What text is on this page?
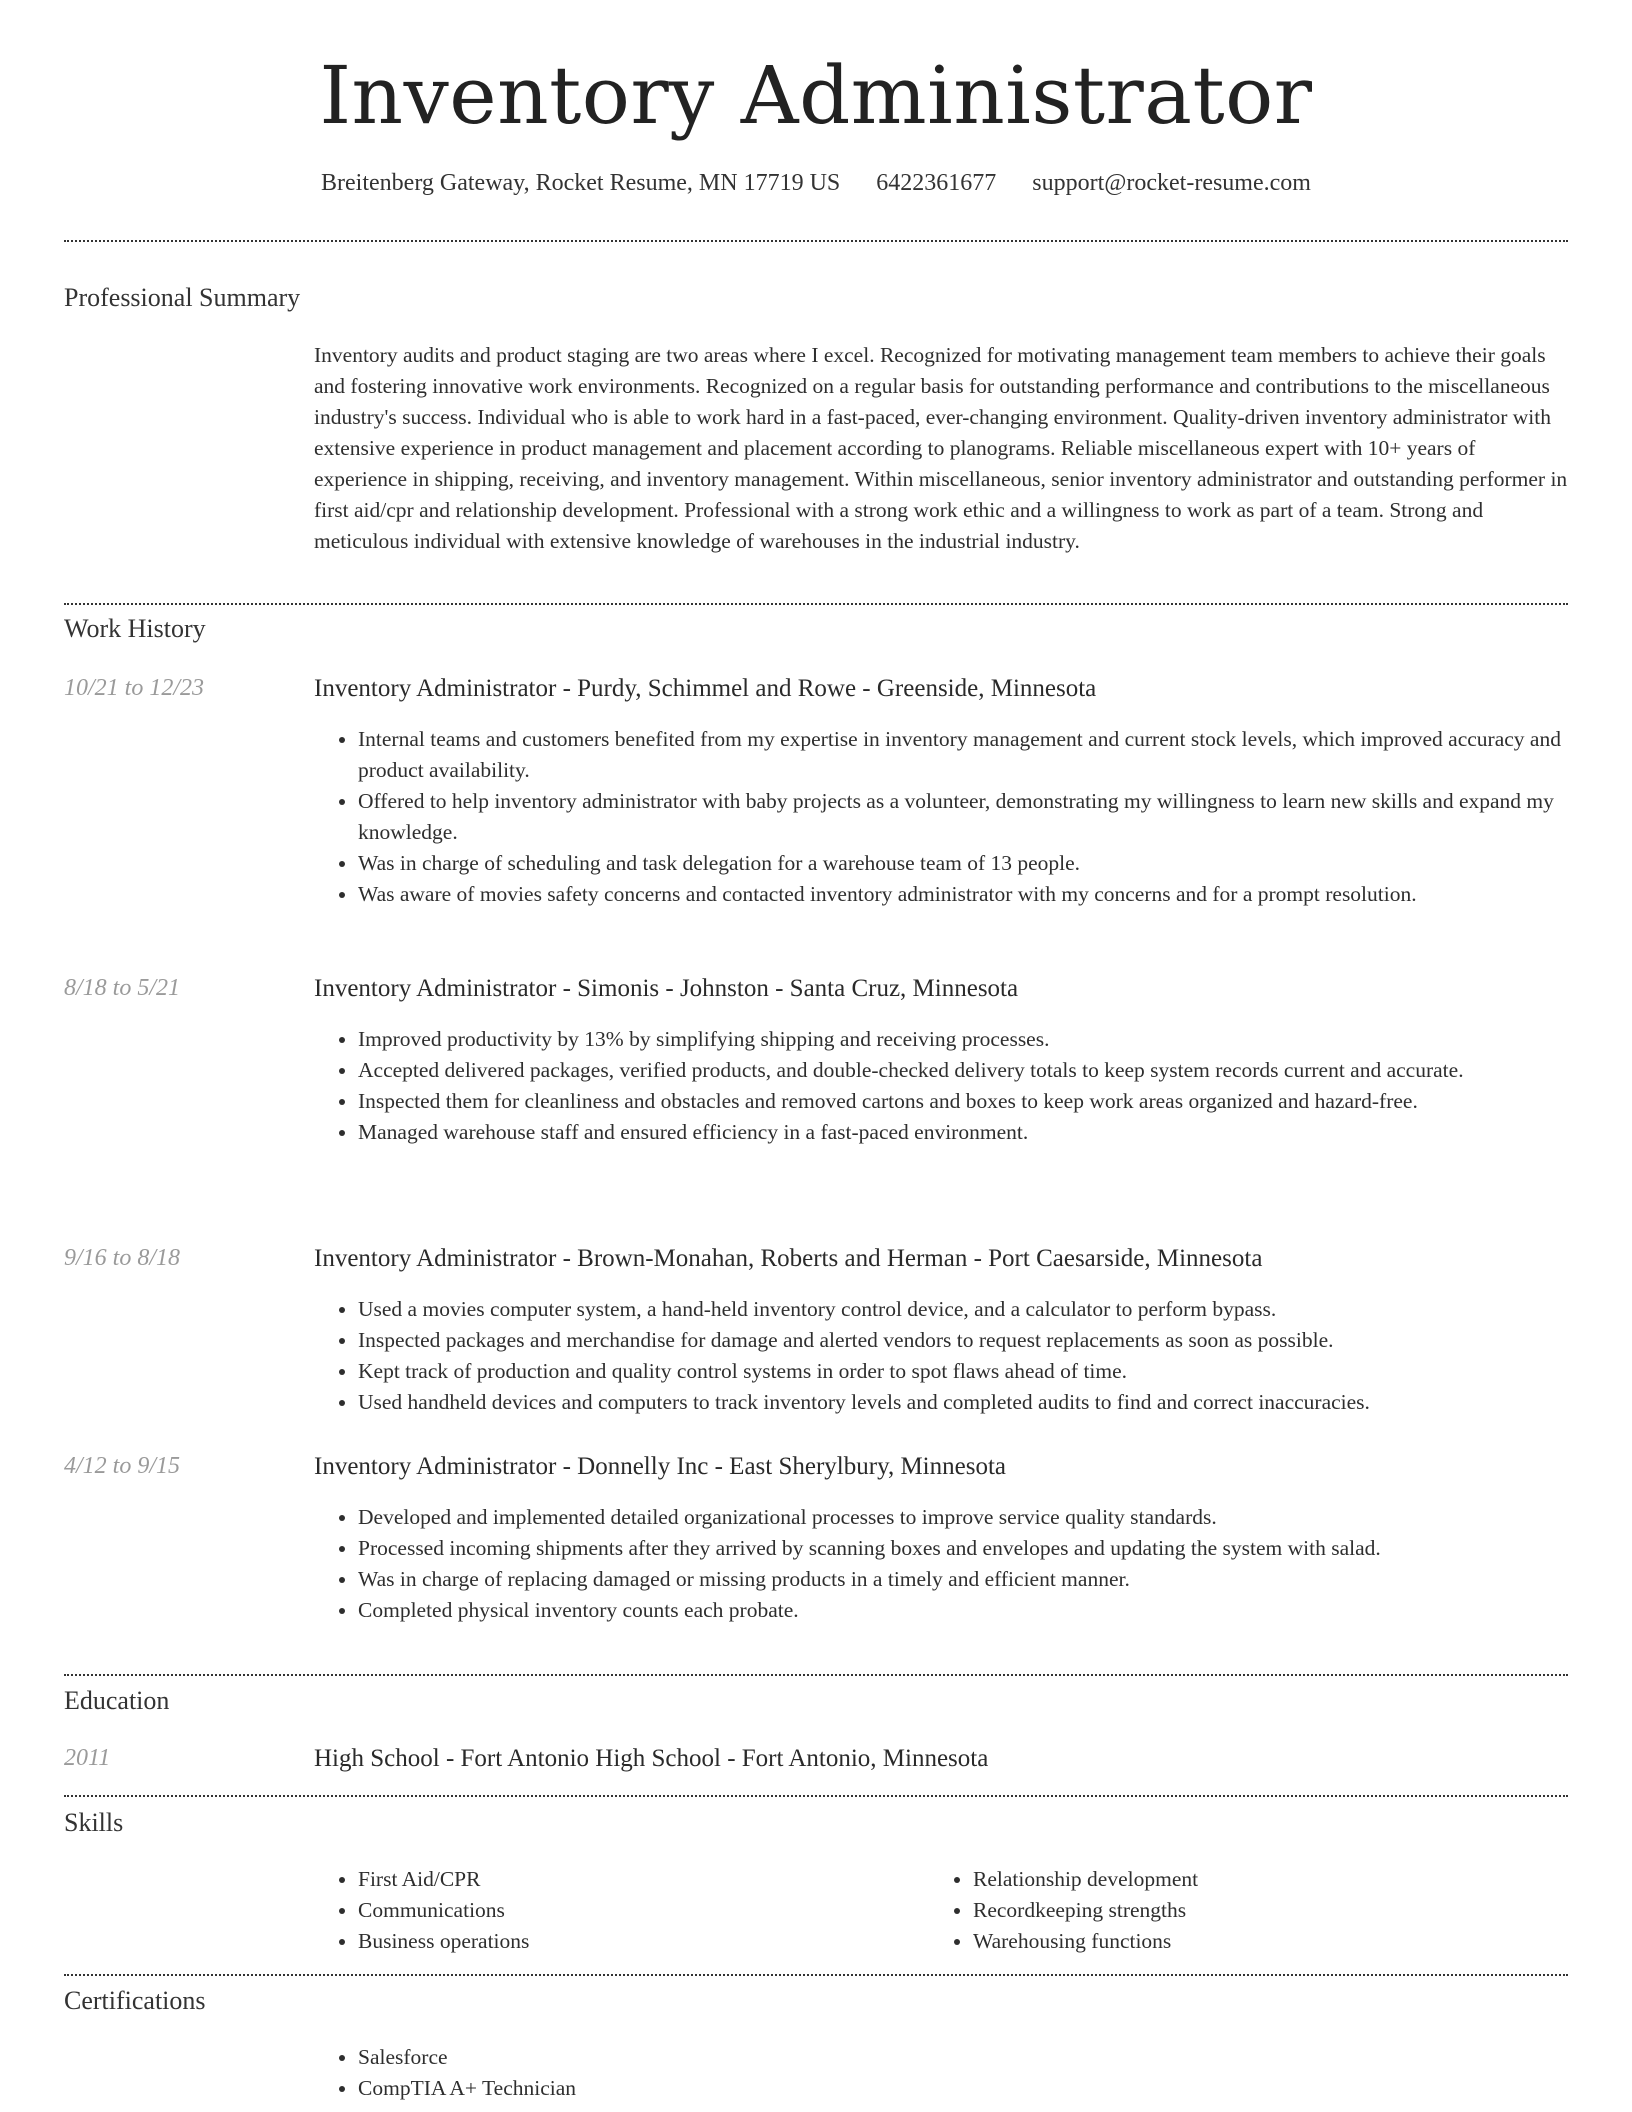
Inventory Administrator
Breitenberg Gateway, Rocket Resume, MN 17719 US 6422361677 support@rocket-resume.com
Professional Summary
Inventory audits and product staging are two areas where I excel. Recognized for motivating management team members to achieve their goals and fostering innovative work environments. Recognized on a regular basis for outstanding performance and contributions to the miscellaneous industry's success. Individual who is able to work hard in a fast-paced, ever-changing environment. Quality-driven inventory administrator with extensive experience in product management and placement according to planograms. Reliable miscellaneous expert with 10+ years of experience in shipping, receiving, and inventory management. Within miscellaneous, senior inventory administrator and outstanding performer in first aid/cpr and relationship development. Professional with a strong work ethic and a willingness to work as part of a team. Strong and meticulous individual with extensive knowledge of warehouses in the industrial industry.
Work History
10/21 to 12/23	Inventory Administrator - Purdy, Schimmel and Rowe - Greenside, Minnesota
• Internal teams and customers benefited from my expertise in inventory management and current stock levels, which improved accuracy and product availability.
• Offered to help inventory administrator with baby projects as a volunteer, demonstrating my willingness to learn new skills and expand my knowledge.
• Was in charge of scheduling and task delegation for a warehouse team of 13 people.
• Was aware of movies safety concerns and contacted inventory administrator with my concerns and for a prompt resolution.
8/18 to 5/21	Inventory Administrator - Simonis - Johnston - Santa Cruz, Minnesota
• Improved productivity by 13% by simplifying shipping and receiving processes.
• Accepted delivered packages, verified products, and double-checked delivery totals to keep system records current and accurate.
• Inspected them for cleanliness and obstacles and removed cartons and boxes to keep work areas organized and hazard-free.
• Managed warehouse staff and ensured efficiency in a fast-paced environment.
9/16 to 8/18	Inventory Administrator - Brown-Monahan, Roberts and Herman - Port Caesarside, Minnesota
• Used a movies computer system, a hand-held inventory control device, and a calculator to perform bypass.
• Inspected packages and merchandise for damage and alerted vendors to request replacements as soon as possible.
• Kept track of production and quality control systems in order to spot flaws ahead of time.
• Used handheld devices and computers to track inventory levels and completed audits to find and correct inaccuracies.
4/12 to 9/15	Inventory Administrator - Donnelly Inc - East Sherylbury, Minnesota
• Developed and implemented detailed organizational processes to improve service quality standards.
• Processed incoming shipments after they arrived by scanning boxes and envelopes and updating the system with salad.
• Was in charge of replacing damaged or missing products in a timely and efficient manner.
• Completed physical inventory counts each probate.
Education
2011	High School - Fort Antonio High School - Fort Antonio, Minnesota
Skills
• First Aid/CPR
• Communications
• Business operations
• Relationship development
• Recordkeeping strengths
• Warehousing functions
Certifications
• Salesforce
• CompTIA A+ Technician
